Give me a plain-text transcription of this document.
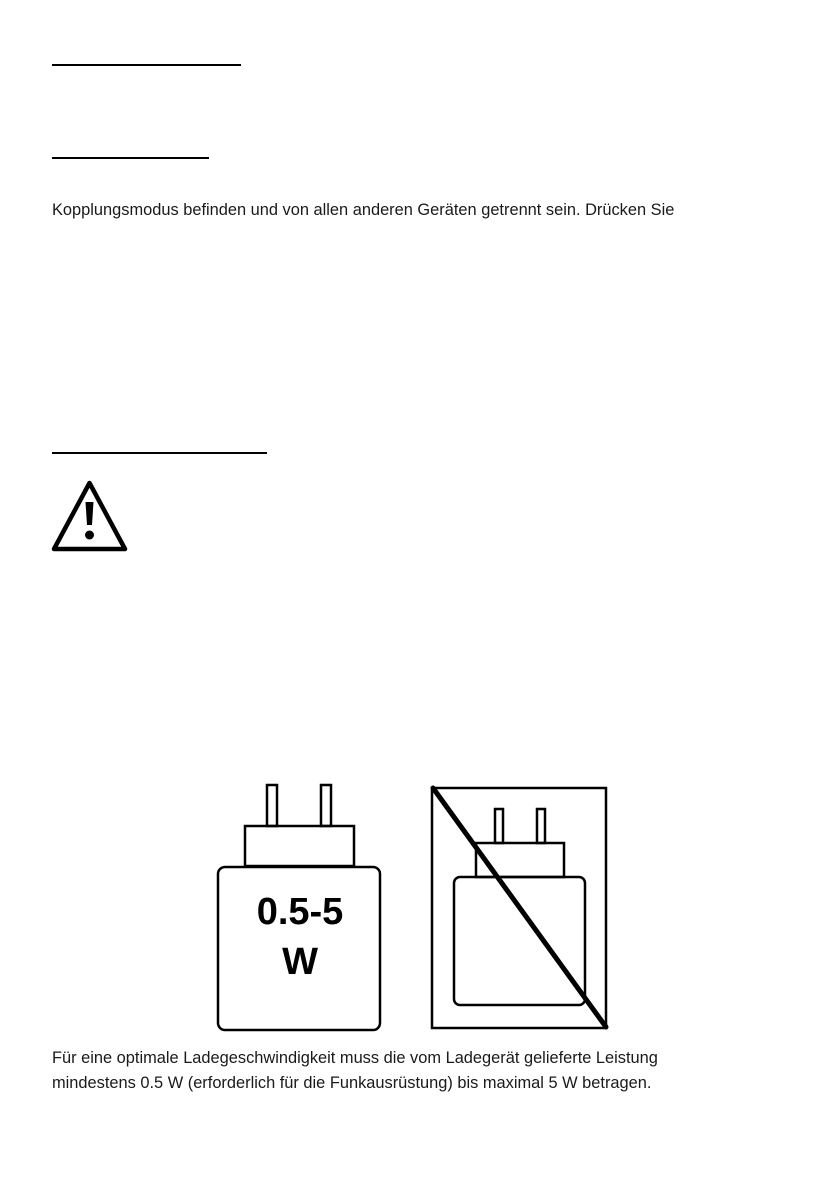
Kopplungsmodus befinden und von allen anderen Geräten getrennt sein. Drücken Sie
0.5-5
W
Für eine optimale Ladegeschwindigkeit muss die vom Ladegerät gelieferte Leistung
mindestens 0.5 W (erforderlich für die Funkausrüstung) bis maximal 5 W betragen.
